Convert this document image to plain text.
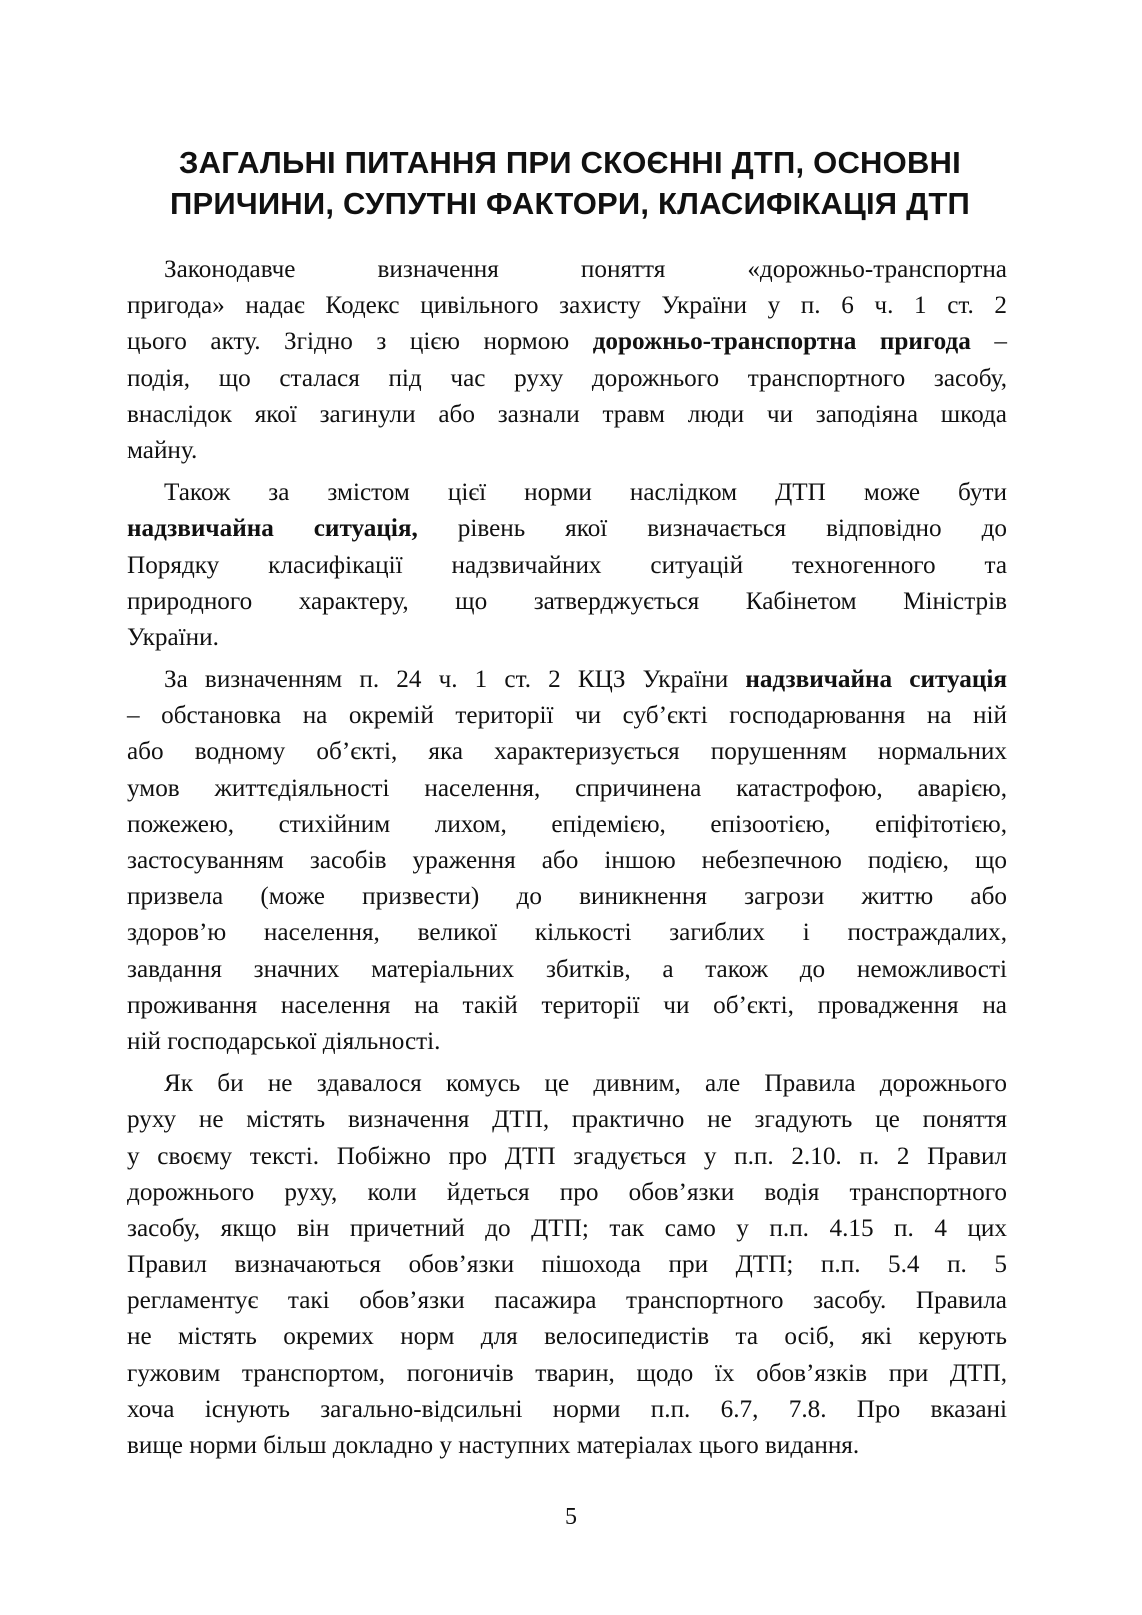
ЗАГАЛЬНІ ПИТАННЯ ПРИ СКОЄННІ ДТП, ОСНОВНІ
ПРИЧИНИ, СУПУТНІ ФАКТОРИ, КЛАСИФІКАЦІЯ ДТП
Законодавче визначення поняття «дорожньо-транспортна
пригода» надає Кодекс цивільного захисту України у п. 6 ч. 1 ст. 2
цього акту. Згідно з цією нормою дорожньо-транспортна пригода –
подія, що сталася під час руху дорожнього транспортного засобу,
внаслідок якої загинули або зазнали травм люди чи заподіяна шкода
майну.
Також за змістом цієї норми наслідком ДТП може бути
надзвичайна ситуація, рівень якої визначається відповідно до
Порядку класифікації надзвичайних ситуацій техногенного та
природного характеру, що затверджується Кабінетом Міністрів
України.
За визначенням п. 24 ч. 1 ст. 2 КЦЗ України надзвичайна ситуація
– обстановка на окремій території чи суб’єкті господарювання на ній
або водному об’єкті, яка характеризується порушенням нормальних
умов життєдіяльності населення, спричинена катастрофою, аварією,
пожежею, стихійним лихом, епідемією, епізоотією, епіфітотією,
застосуванням засобів ураження або іншою небезпечною подією, що
призвела (може призвести) до виникнення загрози життю або
здоров’ю населення, великої кількості загиблих і постраждалих,
завдання значних матеріальних збитків, а також до неможливості
проживання населення на такій території чи об’єкті, провадження на
ній господарської діяльності.
Як би не здавалося комусь це дивним, але Правила дорожнього
руху не містять визначення ДТП, практично не згадують це поняття
у своєму тексті. Побіжно про ДТП згадується у п.п. 2.10. п. 2 Правил
дорожнього руху, коли йдеться про обов’язки водія транспортного
засобу, якщо він причетний до ДТП; так само у п.п. 4.15 п. 4 цих
Правил визначаються обов’язки пішохода при ДТП; п.п. 5.4 п. 5
регламентує такі обов’язки пасажира транспортного засобу. Правила
не містять окремих норм для велосипедистів та осіб, які керують
гужовим транспортом, погоничів тварин, щодо їх обов’язків при ДТП,
хоча існують загально-відсильні норми п.п. 6.7, 7.8. Про вказані
вище норми більш докладно у наступних матеріалах цього видання.
5
